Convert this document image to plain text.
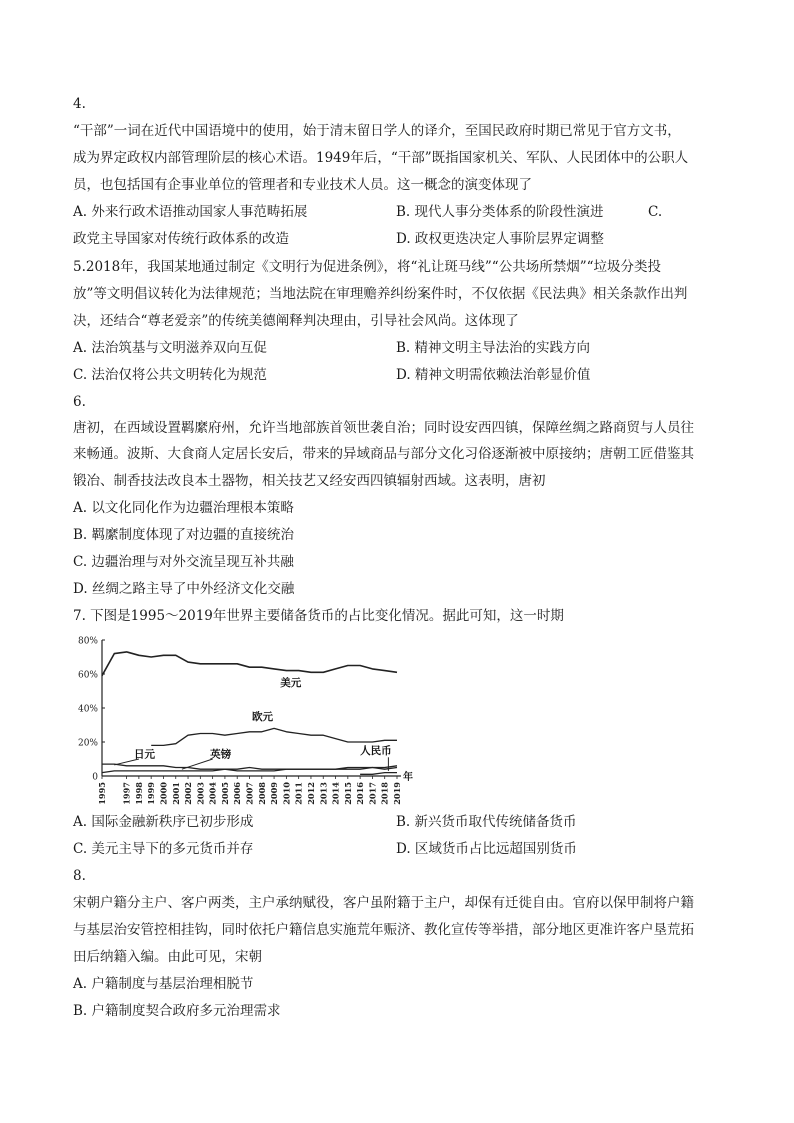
4.
“干部”一词在近代中国语境中的使用，始于清末留日学人的译介，至国民政府时期已常见于官方文书，
成为界定政权内部管理阶层的核心术语。1949年后，“干部”既指国家机关、军队、人民团体中的公职人
员，也包括国有企事业单位的管理者和专业技术人员。这一概念的演变体现了
A. 外来行政术语推动国家人事范畴拓展	B. 现代人事分类体系的阶段性演进	C.
政党主导国家对传统行政体系的改造	D. 政权更迭决定人事阶层界定调整
5.2018年，我国某地通过制定《文明行为促进条例》，将“礼让斑马线”“公共场所禁烟”“垃圾分类投
放”等文明倡议转化为法律规范；当地法院在审理赡养纠纷案件时，不仅依据《民法典》相关条款作出判
决，还结合“尊老爱亲”的传统美德阐释判决理由，引导社会风尚。这体现了
A. 法治筑基与文明滋养双向互促	B. 精神文明主导法治的实践方向
C. 法治仅将公共文明转化为规范	D. 精神文明需依赖法治彰显价值
6.
唐初，在西域设置羁縻府州，允许当地部族首领世袭自治；同时设安西四镇，保障丝绸之路商贸与人员往
来畅通。波斯、大食商人定居长安后，带来的异域商品与部分文化习俗逐渐被中原接纳；唐朝工匠借鉴其
锻冶、制香技法改良本土器物，相关技艺又经安西四镇辐射西域。这表明，唐初
A. 以文化同化作为边疆治理根本策略
B. 羁縻制度体现了对边疆的直接统治
C. 边疆治理与对外交流呈现互补共融
D. 丝绸之路主导了中外经济文化交融
7. 下图是1995～2019年世界主要储备货币的占比变化情况。据此可知，这一时期
80%
60%
40%
20%
0
1995 1997 1999 2001 2003 2005 2007 2009 2011 2013 2015 2017 2019
1998 2000 2002 2004 2006 2008 2010 2012 2014 2016 2018
年
美元
欧元
日元	英镑	人民币
A. 国际金融新秩序已初步形成	B. 新兴货币取代传统储备货币
C. 美元主导下的多元货币并存	D. 区域货币占比远超国别货币
8.
宋朝户籍分主户、客户两类，主户承纳赋役，客户虽附籍于主户，却保有迁徙自由。官府以保甲制将户籍
与基层治安管控相挂钩，同时依托户籍信息实施荒年赈济、教化宣传等举措，部分地区更准许客户垦荒拓
田后纳籍入编。由此可见，宋朝
A. 户籍制度与基层治理相脱节
B. 户籍制度契合政府多元治理需求
